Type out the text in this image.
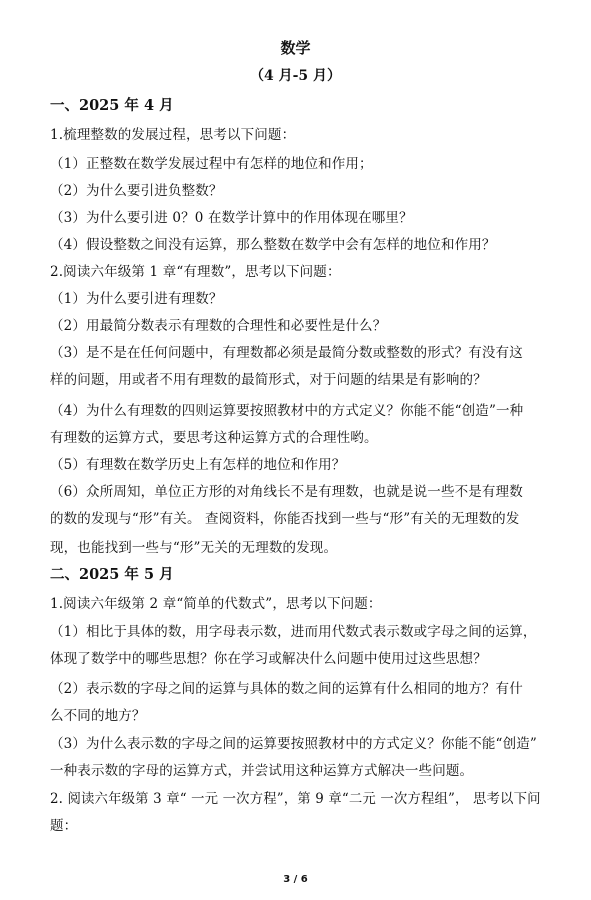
数学
（4 月-5 月）
一、2025 年 4 月
1.梳理整数的发展过程，思考以下问题：
（1）正整数在数学发展过程中有怎样的地位和作用；
（2）为什么要引进负整数？
（3）为什么要引进 0？0 在数学计算中的作用体现在哪里？
（4）假设整数之间没有运算，那么整数在数学中会有怎样的地位和作用？
2.阅读六年级第 1 章“有理数”，思考以下问题：
（1）为什么要引进有理数？
（2）用最简分数表示有理数的合理性和必要性是什么？
（3）是不是在任何问题中，有理数都必须是最简分数或整数的形式？有没有这
样的问题，用或者不用有理数的最简形式，对于问题的结果是有影响的？
（4）为什么有理数的四则运算要按照教材中的方式定义？你能不能“创造”一种
有理数的运算方式，要思考这种运算方式的合理性哟。
（5）有理数在数学历史上有怎样的地位和作用？
（6）众所周知，单位正方形的对角线长不是有理数，也就是说一些不是有理数
的数的发现与“形”有关。 查阅资料，你能否找到一些与“形”有关的无理数的发
现，也能找到一些与“形”无关的无理数的发现。
二、2025 年 5 月
1.阅读六年级第 2 章“简单的代数式”，思考以下问题：
（1）相比于具体的数，用字母表示数，进而用代数式表示数或字母之间的运算，
体现了数学中的哪些思想？你在学习或解决什么问题中使用过这些思想？
（2）表示数的字母之间的运算与具体的数之间的运算有什么相同的地方？有什
么不同的地方？
（3）为什么表示数的字母之间的运算要按照教材中的方式定义？你能不能“创造”
一种表示数的字母的运算方式，并尝试用这种运算方式解决一些问题。
2. 阅读六年级第 3 章“ 一元 一次方程”，第 9 章“二元 一次方程组”， 思考以下问
题：
3 / 6
